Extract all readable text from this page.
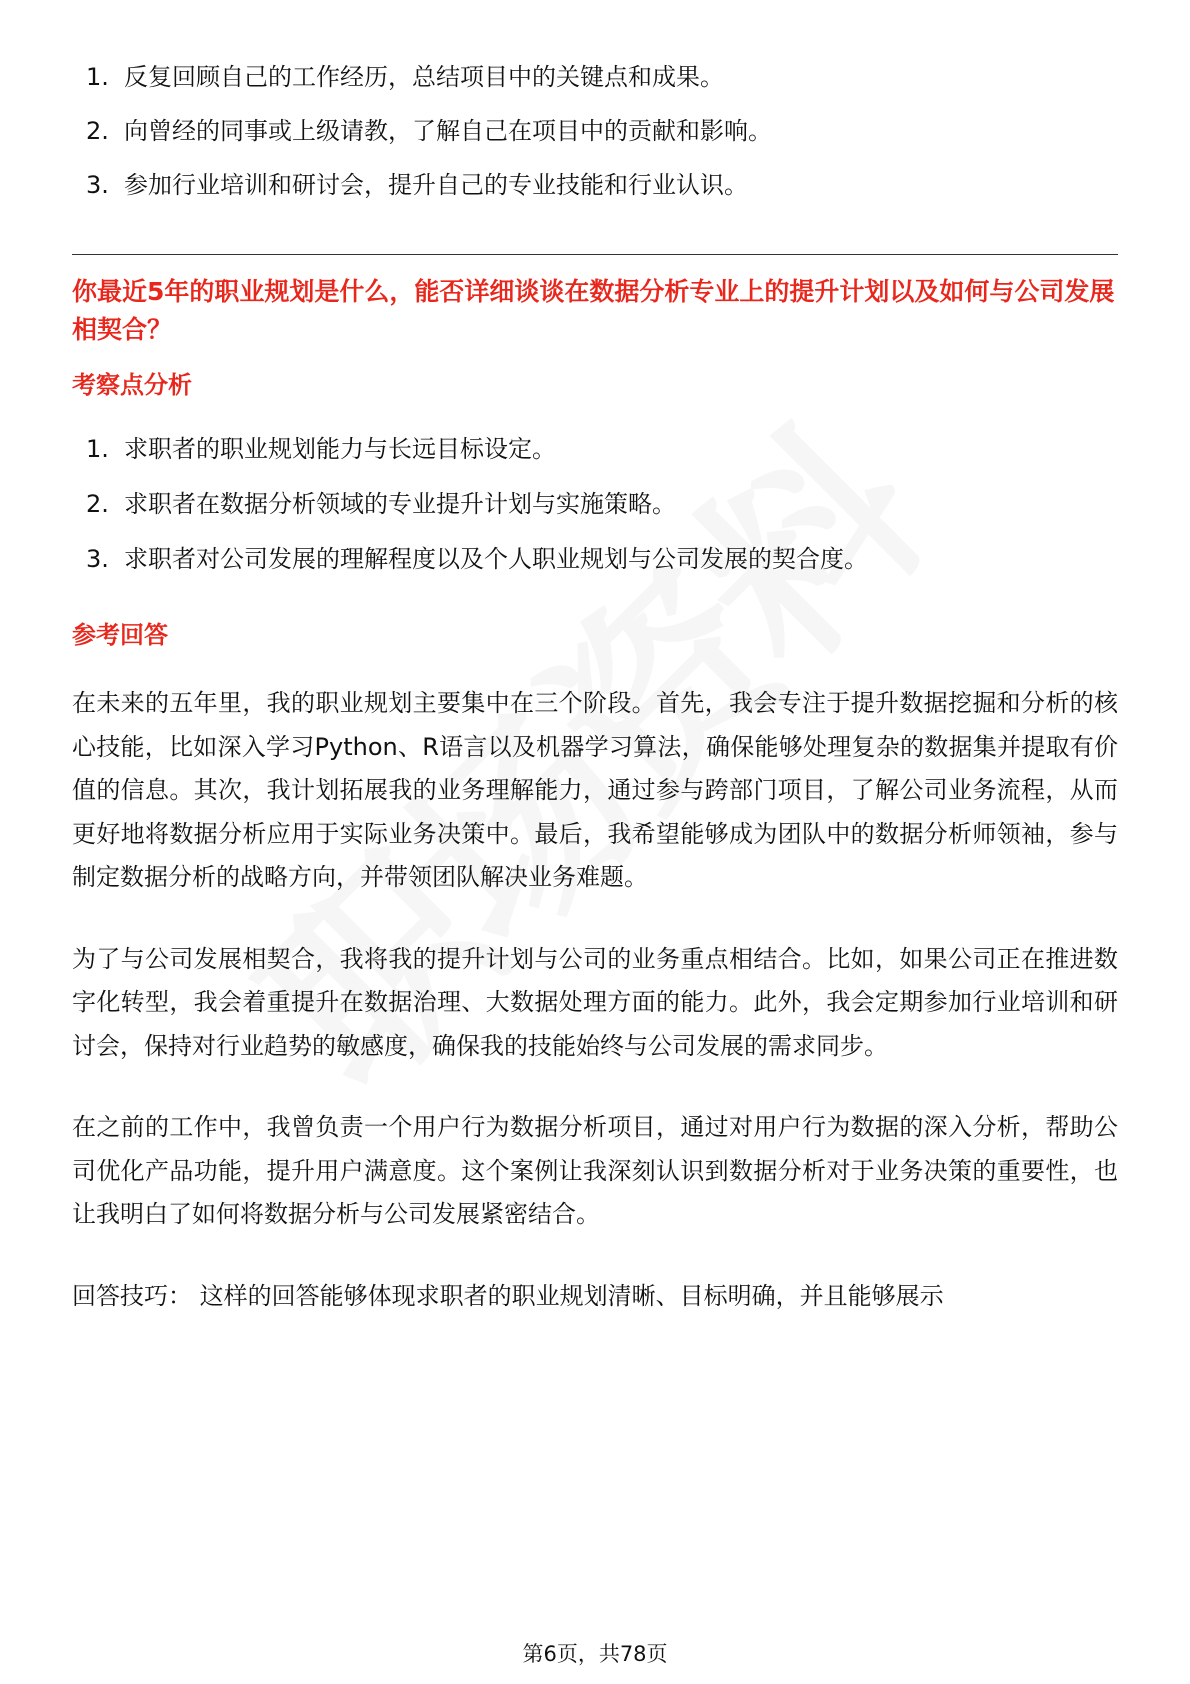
1. 反复回顾自己的工作经历，总结项目中的关键点和成果。
2. 向曾经的同事或上级请教，了解自己在项目中的贡献和影响。
3. 参加行业培训和研讨会，提升自己的专业技能和行业认识。
你最近5年的职业规划是什么，能否详细谈谈在数据分析专业上的提升计划以及如何与公司发展相契合？
考察点分析
1. 求职者的职业规划能力与长远目标设定。
2. 求职者在数据分析领域的专业提升计划与实施策略。
3. 求职者对公司发展的理解程度以及个人职业规划与公司发展的契合度。
参考回答

在未来的五年里，我的职业规划主要集中在三个阶段。首先，我会专注于提升数据挖掘和分析的核心技能，比如深入学习Python、R语言以及机器学习算法，确保能够处理复杂的数据集并提取有价值的信息。其次，我计划拓展我的业务理解能力，通过参与跨部门项目，了解公司业务流程，从而更好地将数据分析应用于实际业务决策中。最后，我希望能够成为团队中的数据分析师领袖，参与制定数据分析的战略方向，并带领团队解决业务难题。

为了与公司发展相契合，我将我的提升计划与公司的业务重点相结合。比如，如果公司正在推进数字化转型，我会着重提升在数据治理、大数据处理方面的能力。此外，我会定期参加行业培训和研讨会，保持对行业趋势的敏感度，确保我的技能始终与公司发展的需求同步。

在之前的工作中，我曾负责一个用户行为数据分析项目，通过对用户行为数据的深入分析，帮助公司优化产品功能，提升用户满意度。这个案例让我深刻认识到数据分析对于业务决策的重要性，也让我明白了如何将数据分析与公司发展紧密结合。

回答技巧： 这样的回答能够体现求职者的职业规划清晰、目标明确，并且能够展示

第6页，共78页
